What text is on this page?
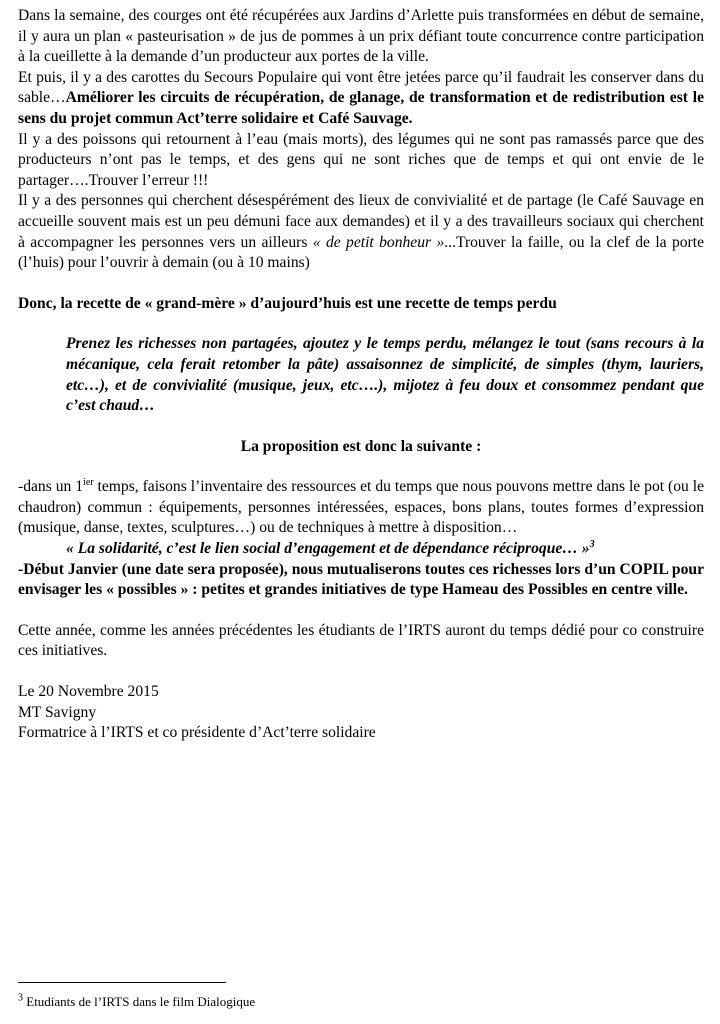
Dans la semaine, des courges ont été récupérées aux Jardins d’Arlette puis transformées en début de semaine, il y aura un plan « pasteurisation » de jus de pommes à un prix défiant toute concurrence contre participation à la cueillette à la demande d’un producteur aux portes de la ville.

Et puis, il y a des carottes du Secours Populaire qui vont être jetées parce qu’il faudrait les conserver dans du sable…Améliorer les circuits de récupération, de glanage, de transformation et de redistribution est le sens du projet commun Act’terre solidaire et Café Sauvage.

Il y a des poissons qui retournent à l’eau (mais morts), des légumes qui ne sont pas ramassés parce que des producteurs n’ont pas le temps, et des gens qui ne sont riches que de temps et qui ont envie de le partager….Trouver l’erreur !!!

Il y a des personnes qui cherchent désespérément des lieux de convivialité et de partage (le Café Sauvage en accueille souvent mais est un peu démuni face aux demandes) et il y a des travailleurs sociaux qui cherchent à accompagner les personnes vers un ailleurs « de petit bonheur »...Trouver la faille, ou la clef de la porte (l’huis) pour l’ouvrir à demain (ou à 10 mains)

Donc, la recette de « grand-mère » d’aujourd’huis est une recette de temps perdu

Prenez les richesses non partagées, ajoutez y le temps perdu, mélangez le tout (sans recours à la mécanique, cela ferait retomber la pâte) assaisonnez de simplicité, de simples (thym, lauriers, etc…), et de convivialité (musique, jeux, etc….), mijotez à feu doux et consommez pendant que c’est chaud…

La proposition est donc la suivante :

-dans un $1^{ier}$ temps, faisons l’inventaire des ressources et du temps que nous pouvons mettre dans le pot (ou le chaudron) commun : équipements, personnes intéressées, espaces, bons plans, toutes formes d’expression (musique, danse, textes, sculptures…) ou de techniques à mettre à disposition…

« La solidarité, c’est le lien social d’engagement et de dépendance réciproque… »$^3$

-Début Janvier (une date sera proposée), nous mutualiserons toutes ces richesses lors d’un COPIL pour envisager les « possibles » : petites et grandes initiatives de type Hameau des Possibles en centre ville.

Cette année, comme les années précédentes les étudiants de l’IRTS auront du temps dédié pour co construire ces initiatives.

Le 20 Novembre 2015
MT Savigny
Formatrice à l’IRTS et co présidente d’Act’terre solidaire
$^3$ Etudiants de l’IRTS dans le film Dialogique
